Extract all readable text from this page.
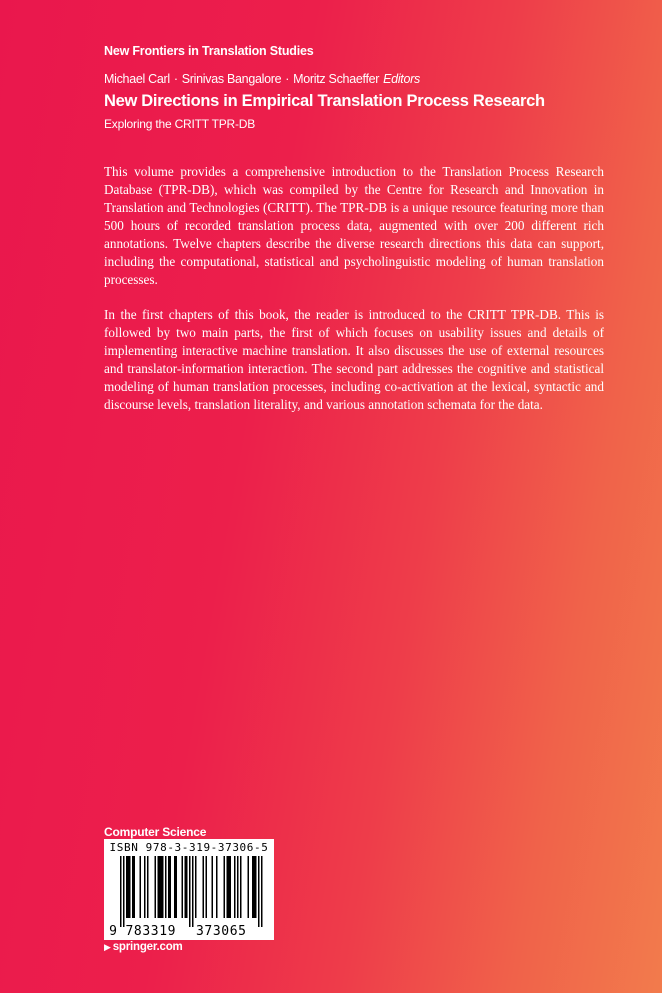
New Frontiers in Translation Studies
Michael Carl · Srinivas Bangalore · Moritz Schaeffer Editors
New Directions in Empirical Translation Process Research
Exploring the CRITT TPR-DB

This volume provides a comprehensive introduction to the Translation Process Research Database (TPR-DB), which was compiled by the Centre for Research and Innovation in Translation and Technologies (CRITT). The TPR-DB is a unique resource featuring more than 500 hours of recorded translation process data, augmented with over 200 different rich annotations. Twelve chapters describe the diverse research directions this data can support, including the computational, statistical and psycholinguistic modeling of human translation processes.

In the first chapters of this book, the reader is introduced to the CRITT TPR-DB. This is followed by two main parts, the first of which focuses on usability issues and details of implementing interactive machine translation. It also discusses the use of external resources and translator-information interaction. The second part addresses the cognitive and statistical modeling of human translation processes, including co-activation at the lexical, syntactic and discourse levels, translation literality, and various annotation schemata for the data.

Computer Science
ISBN 978-3-319-37306-5
9 783319 373065
▶ springer.com
